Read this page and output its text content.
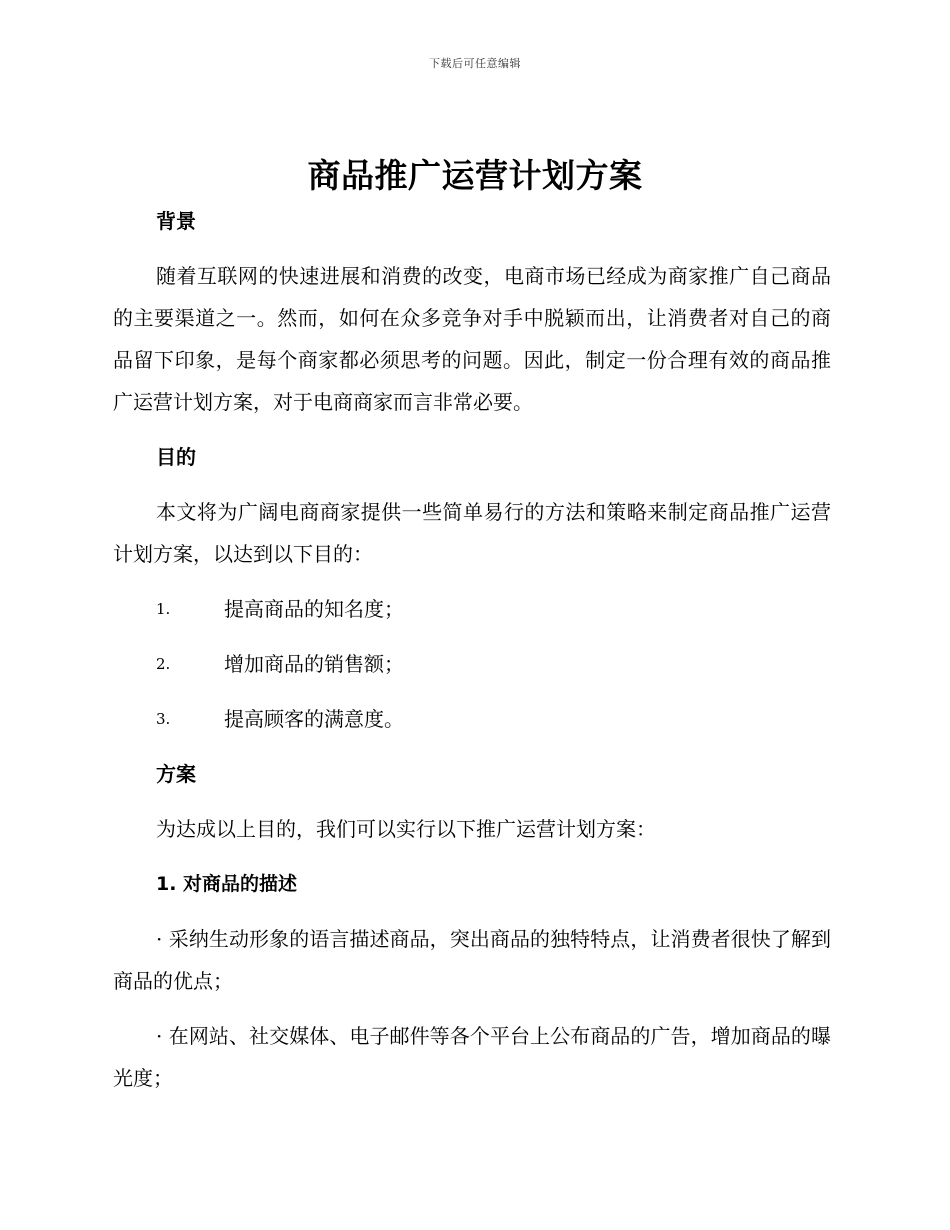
下载后可任意编辑
商品推广运营计划方案

背景

随着互联网的快速进展和消费的改变，电商市场已经成为商家推广自己商品的主要渠道之一。然而，如何在众多竞争对手中脱颖而出，让消费者对自己的商品留下印象，是每个商家都必须思考的问题。因此，制定一份合理有效的商品推广运营计划方案，对于电商商家而言非常必要。

目的

本文将为广阔电商商家提供一些简单易行的方法和策略来制定商品推广运营计划方案，以达到以下目的：

1.	提高商品的知名度；

2.	增加商品的销售额；

3.	提高顾客的满意度。

方案

为达成以上目的，我们可以实行以下推广运营计划方案：

1. 对商品的描述

· 采纳生动形象的语言描述商品，突出商品的独特特点，让消费者很快了解到商品的优点；

· 在网站、社交媒体、电子邮件等各个平台上公布商品的广告，增加商品的曝光度；
